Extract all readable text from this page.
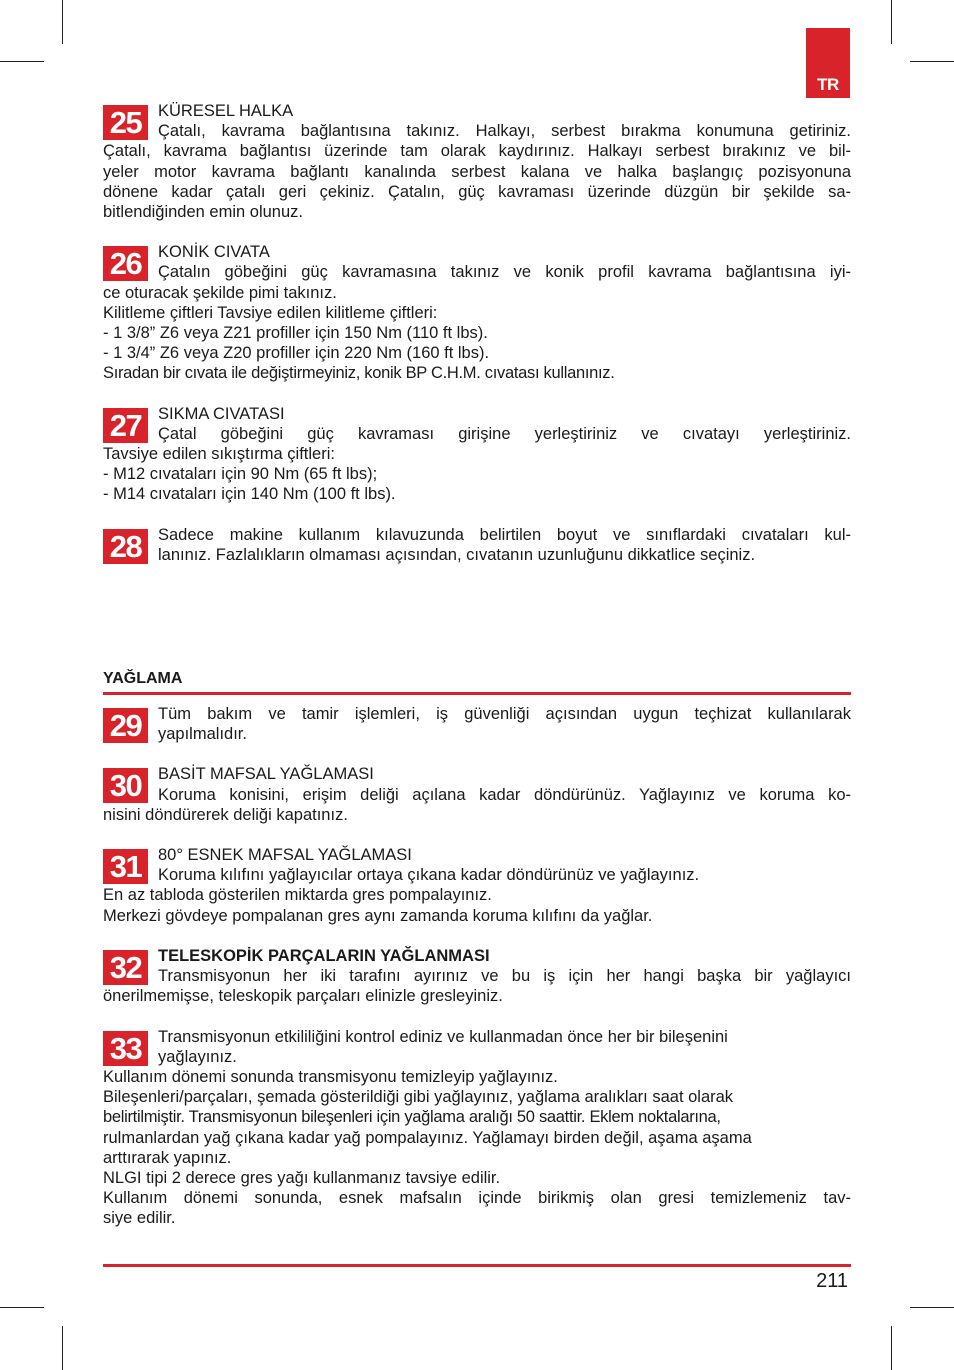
TR
25	KÜRESEL HALKA
Çatalı, kavrama bağlantısına takınız. Halkayı, serbest bırakma konumuna getiriniz.
Çatalı, kavrama bağlantısı üzerinde tam olarak kaydırınız. Halkayı serbest bırakınız ve bil-
yeler motor kavrama bağlantı kanalında serbest kalana ve halka başlangıç pozisyonuna
dönene kadar çatalı geri çekiniz. Çatalın, güç kavraması üzerinde düzgün bir şekilde sa-
bitlendiğinden emin olunuz.
26	KONİK CIVATA
Çatalın göbeğini güç kavramasına takınız ve konik profil kavrama bağlantısına iyi-
ce oturacak şekilde pimi takınız.
Kilitleme çiftleri Tavsiye edilen kilitleme çiftleri:
- 1 3/8” Z6 veya Z21 profiller için 150 Nm (110 ft lbs).
- 1 3/4” Z6 veya Z20 profiller için 220 Nm (160 ft lbs).
Sıradan bir cıvata ile değiştirmeyiniz, konik BP C.H.M. cıvatası kullanınız.
27	SIKMA CIVATASI
Çatal göbeğini güç kavraması girişine yerleştiriniz ve cıvatayı yerleştiriniz.
Tavsiye edilen sıkıştırma çiftleri:
- M12 cıvataları için 90 Nm (65 ft lbs);
- M14 cıvataları için 140 Nm (100 ft lbs).
28	Sadece makine kullanım kılavuzunda belirtilen boyut ve sınıflardaki cıvataları kul-
lanınız. Fazlalıkların olmaması açısından, cıvatanın uzunluğunu dikkatlice seçiniz.
YAĞLAMA
29	Tüm bakım ve tamir işlemleri, iş güvenliği açısından uygun teçhizat kullanılarak
yapılmalıdır.
30	BASİT MAFSAL YAĞLAMASI
Koruma konisini, erişim deliği açılana kadar döndürünüz. Yağlayınız ve koruma ko-
nisini döndürerek deliği kapatınız.
31	80° ESNEK MAFSAL YAĞLAMASI
Koruma kılıfını yağlayıcılar ortaya çıkana kadar döndürünüz ve yağlayınız.
En az tabloda gösterilen miktarda gres pompalayınız.
Merkezi gövdeye pompalanan gres aynı zamanda koruma kılıfını da yağlar.
32	TELESKOPİK PARÇALARIN YAĞLANMASI
Transmisyonun her iki tarafını ayırınız ve bu iş için her hangi başka bir yağlayıcı
önerilmemişse, teleskopik parçaları elinizle gresleyiniz.
33	Transmisyonun etkililiğini kontrol ediniz ve kullanmadan önce her bir bileşenini
yağlayınız.
Kullanım dönemi sonunda transmisyonu temizleyip yağlayınız.
Bileşenleri/parçaları, şemada gösterildiği gibi yağlayınız, yağlama aralıkları saat olarak
belirtilmiştir. Transmisyonun bileşenleri için yağlama aralığı 50 saattir. Eklem noktalarına,
rulmanlardan yağ çıkana kadar yağ pompalayınız. Yağlamayı birden değil, aşama aşama
arttırarak yapınız.
NLGI tipi 2 derece gres yağı kullanmanız tavsiye edilir.
Kullanım dönemi sonunda, esnek mafsalın içinde birikmiş olan gresi temizlemeniz tav-
siye edilir.
211
